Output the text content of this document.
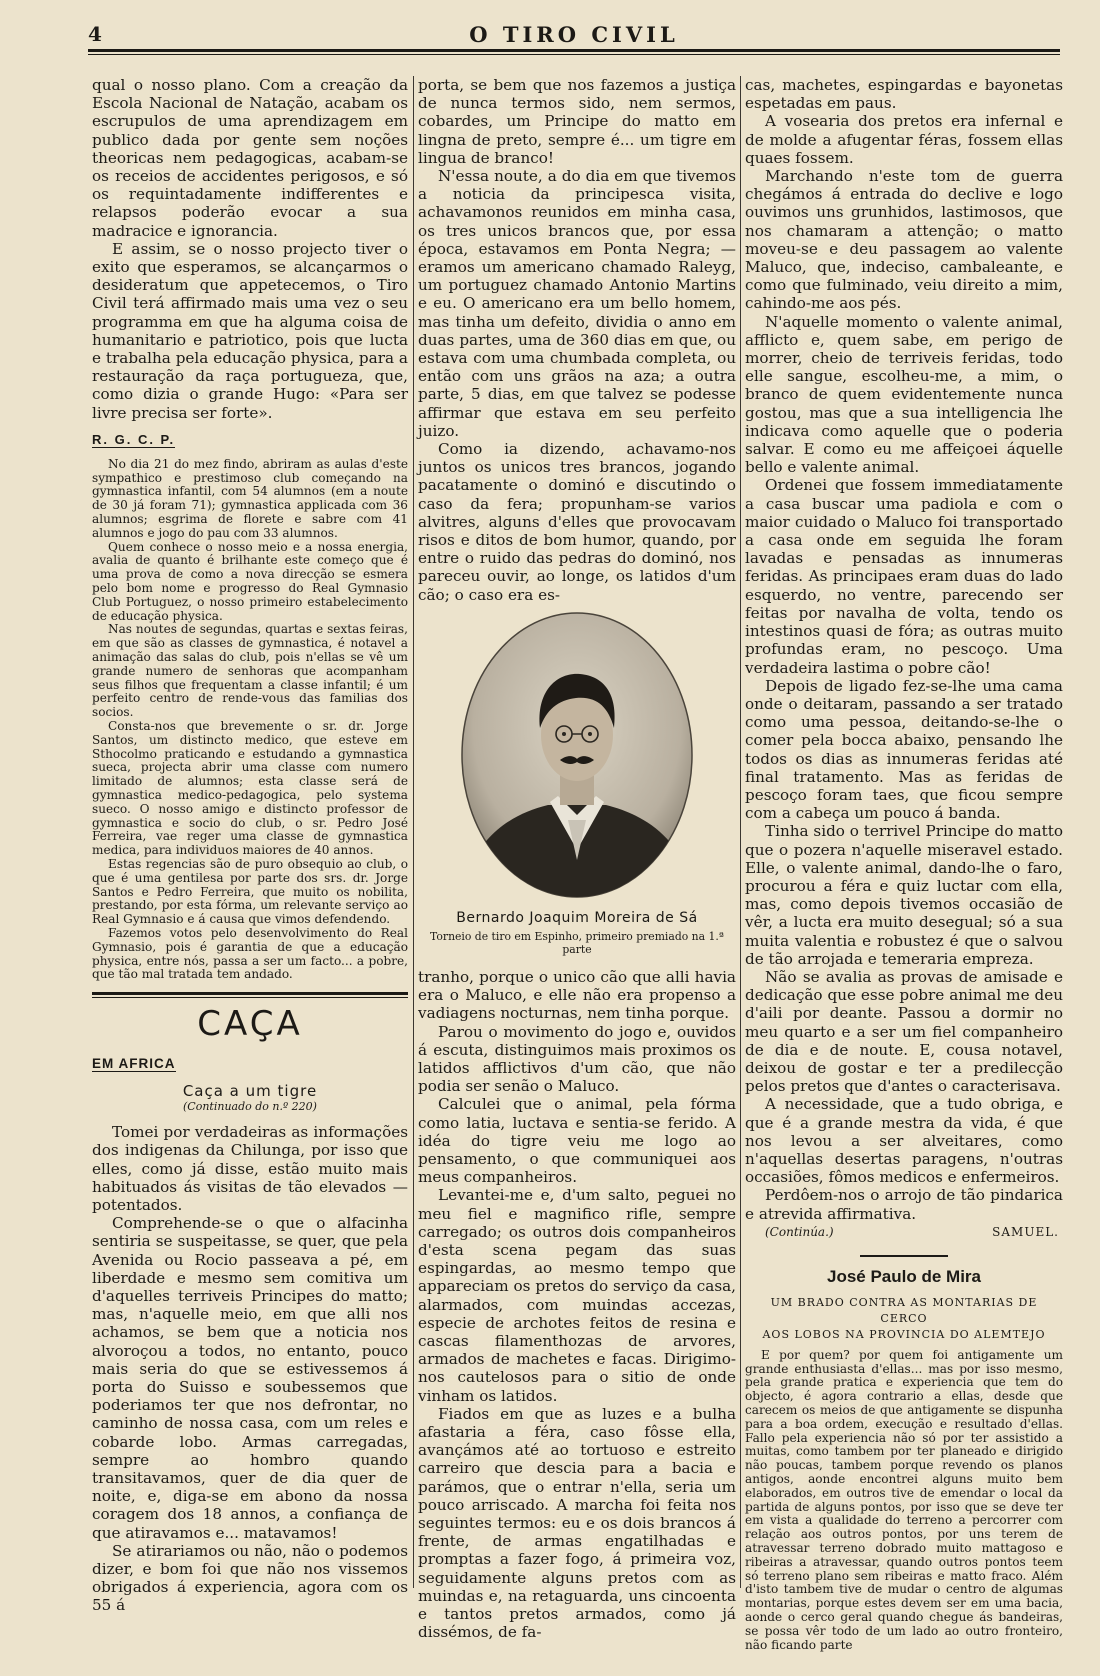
4	O TIRO CIVIL

qual o nosso plano. Com a creação da Escola Nacional de Natação, acabam os escrupulos de uma aprendizagem em publico dada por gente sem noções theoricas nem pedagogicas, acabam-se os receios de accidentes perigosos, e só os requintadamente indifferentes e relapsos poderão evocar a sua madracice e ignorancia.

E assim, se o nosso projecto tiver o exito que esperamos, se alcançarmos o desideratum que appetecemos, o Tiro Civil terá affirmado mais uma vez o seu programma em que ha alguma coisa de humanitario e patriotico, pois que lucta e trabalha pela educação physica, para a restauração da raça portugueza, que, como dizia o grande Hugo: «Para ser livre precisa ser forte».

R. G. C. P.

No dia 21 do mez findo, abriram as aulas d'este sympathico e prestimoso club começando na gymnastica infantil, com 54 alumnos (em a noute de 30 já foram 71); gymnastica applicada com 36 alumnos; esgrima de florete e sabre com 41 alumnos e jogo do pau com 33 alumnos.

Quem conhece o nosso meio e a nossa energia, avalia de quanto é brilhante este começo que é uma prova de como a nova direcção se esmera pelo bom nome e progresso do Real Gymnasio Club Portuguez, o nosso primeiro estabelecimento de educação physica.

Nas noutes de segundas, quartas e sextas feiras, em que são as classes de gymnastica, é notavel a animação das salas do club, pois n'ellas se vê um grande numero de senhoras que acompanham seus filhos que frequentam a classe infantil; é um perfeito centro de rende-vous das familias dos socios.

Consta-nos que brevemente o sr. dr. Jorge Santos, um distincto medico, que esteve em Sthocolmo praticando e estudando a gymnastica sueca, projecta abrir uma classe com numero limitado de alumnos; esta classe será de gymnastica medico-pedagogica, pelo systema sueco. O nosso amigo e distincto professor de gymnastica e socio do club, o sr. Pedro José Ferreira, vae reger uma classe de gymnastica medica, para individuos maiores de 40 annos.

Estas regencias são de puro obsequio ao club, o que é uma gentilesa por parte dos srs. dr. Jorge Santos e Pedro Ferreira, que muito os nobilita, prestando, por esta fórma, um relevante serviço ao Real Gymnasio e á causa que vimos defendendo.

Fazemos votos pelo desenvolvimento do Real Gymnasio, pois é garantia de que a educação physica, entre nós, passa a ser um facto... a pobre, que tão mal tratada tem andado.

CAÇA
EM AFRICA
Caça a um tigre
(Continuado do n.º 220)

Tomei por verdadeiras as informações dos indigenas da Chilunga, por isso que elles, como já disse, estão muito mais habituados ás visitas de tão elevados — potentados.

Comprehende-se o que o alfacinha sentiria se suspeitasse, se quer, que pela Avenida ou Rocio passeava a pé, em liberdade e mesmo sem comitiva um d'aquelles terriveis Principes do matto; mas, n'aquelle meio, em que alli nos achamos, se bem que a noticia nos alvoroçou a todos, no entanto, pouco mais seria do que se estivessemos á porta do Suisso e soubessemos que poderiamos ter que nos defrontar, no caminho de nossa casa, com um reles e cobarde lobo. Armas carregadas, sempre ao hombro quando transitavamos, quer de dia quer de noite, e, diga-se em abono da nossa coragem dos 18 annos, a confiança de que atiravamos e... matavamos!

Se atirariamos ou não, não o podemos dizer, e bom foi que não nos vissemos obrigados á experiencia, agora com os 55 á

porta, se bem que nos fazemos a justiça de nunca termos sido, nem sermos, cobardes, um Principe do matto em lingna de preto, sempre é... um tigre em lingua de branco!

N'essa noute, a do dia em que tivemos a noticia da principesca visita, achavamonos reunidos em minha casa, os tres unicos brancos que, por essa época, estavamos em Ponta Negra; — eramos um americano chamado Raleyg, um portuguez chamado Antonio Martins e eu. O americano era um bello homem, mas tinha um defeito, dividia o anno em duas partes, uma de 360 dias em que, ou estava com uma chumbada completa, ou então com uns grãos na aza; a outra parte, 5 dias, em que talvez se podesse affirmar que estava em seu perfeito juizo.

Como ia dizendo, achavamo-nos juntos os unicos tres brancos, jogando pacatamente o dominó e discutindo o caso da fera; propunham-se varios alvitres, alguns d'elles que provocavam risos e ditos de bom humor, quando, por entre o ruido das pedras do dominó, nos pareceu ouvir, ao longe, os latidos d'um cão; o caso era es-

Bernardo Joaquim Moreira de Sá
Torneio de tiro em Espinho, primeiro premiado na 1.ª parte

tranho, porque o unico cão que alli havia era o Maluco, e elle não era propenso a vadiagens nocturnas, nem tinha porque.

Parou o movimento do jogo e, ouvidos á escuta, distinguimos mais proximos os latidos afflictivos d'um cão, que não podia ser senão o Maluco.

Calculei que o animal, pela fórma como latia, luctava e sentia-se ferido. A idéa do tigre veiu me logo ao pensamento, o que communiquei aos meus companheiros.

Levantei-me e, d'um salto, peguei no meu fiel e magnifico rifle, sempre carregado; os outros dois companheiros d'esta scena pegam das suas espingardas, ao mesmo tempo que appareciam os pretos do serviço da casa, alarmados, com muindas accezas, especie de archotes feitos de resina e cascas filamenthozas de arvores, armados de machetes e facas. Dirigimo-nos cautelosos para o sitio de onde vinham os latidos.

Fiados em que as luzes e a bulha afastaria a féra, caso fôsse ella, avançámos até ao tortuoso e estreito carreiro que descia para a bacia e parámos, que o entrar n'ella, seria um pouco arriscado. A marcha foi feita nos seguintes termos: eu e os dois brancos á frente, de armas engatilhadas e promptas a fazer fogo, á primeira voz, seguidamente alguns pretos com as muindas e, na retaguarda, uns cincoenta e tantos pretos armados, como já dissémos, de fa-

cas, machetes, espingardas e bayonetas espetadas em paus.

A vosearia dos pretos era infernal e de molde a afugentar féras, fossem ellas quaes fossem.

Marchando n'este tom de guerra chegámos á entrada do declive e logo ouvimos uns grunhidos, lastimosos, que nos chamaram a attenção; o matto moveu-se e deu passagem ao valente Maluco, que, indeciso, cambaleante, e como que fulminado, veiu direito a mim, cahindo-me aos pés.

N'aquelle momento o valente animal, afflicto e, quem sabe, em perigo de morrer, cheio de terriveis feridas, todo elle sangue, escolheu-me, a mim, o branco de quem evidentemente nunca gostou, mas que a sua intelligencia lhe indicava como aquelle que o poderia salvar. E como eu me affeiçoei áquelle bello e valente animal.

Ordenei que fossem immediatamente a casa buscar uma padiola e com o maior cuidado o Maluco foi transportado a casa onde em seguida lhe foram lavadas e pensadas as innumeras feridas. As principaes eram duas do lado esquerdo, no ventre, parecendo ser feitas por navalha de volta, tendo os intestinos quasi de fóra; as outras muito profundas eram, no pescoço. Uma verdadeira lastima o pobre cão!

Depois de ligado fez-se-lhe uma cama onde o deitaram, passando a ser tratado como uma pessoa, deitando-se-lhe o comer pela bocca abaixo, pensando lhe todos os dias as innumeras feridas até final tratamento. Mas as feridas de pescoço foram taes, que ficou sempre com a cabeça um pouco á banda.

Tinha sido o terrivel Principe do matto que o pozera n'aquelle miseravel estado. Elle, o valente animal, dando-lhe o faro, procurou a féra e quiz luctar com ella, mas, como depois tivemos occasião de vêr, a lucta era muito desegual; só a sua muita valentia e robustez é que o salvou de tão arrojada e temeraria empreza.

Não se avalia as provas de amisade e dedicação que esse pobre animal me deu d'aili por deante. Passou a dormir no meu quarto e a ser um fiel companheiro de dia e de noute. E, cousa notavel, deixou de gostar e ter a predilecção pelos pretos que d'antes o caracterisava.

A necessidade, que a tudo obriga, e que é a grande mestra da vida, é que nos levou a ser alveitares, como n'aquellas desertas paragens, n'outras occasiões, fômos medicos e enfermeiros.

Perdôem-nos o arrojo de tão pindarica e atrevida affirmativa.

(Continúa.)	SAMUEL.
José Paulo de Mira
UM BRADO CONTRA AS MONTARIAS DE CERCO
AOS LOBOS NA PROVINCIA DO ALEMTEJO

E por quem? por quem foi antigamente um grande enthusiasta d'ellas... mas por isso mesmo, pela grande pratica e experiencia que tem do objecto, é agora contrario a ellas, desde que carecem os meios de que antigamente se dispunha para a boa ordem, execução e resultado d'ellas. Fallo pela experiencia não só por ter assistido a muitas, como tambem por ter planeado e dirigido não poucas, tambem porque revendo os planos antigos, aonde encontrei alguns muito bem elaborados, em outros tive de emendar o local da partida de alguns pontos, por isso que se deve ter em vista a qualidade do terreno a percorrer com relação aos outros pontos, por uns terem de atravessar terreno dobrado muito mattagoso e ribeiras a atravessar, quando outros pontos teem só terreno plano sem ribeiras e matto fraco. Além d'isto tambem tive de mudar o centro de algumas montarias, porque estes devem ser em uma bacia, aonde o cerco geral quando chegue ás bandeiras, se possa vêr todo de um lado ao outro fronteiro, não ficando parte
